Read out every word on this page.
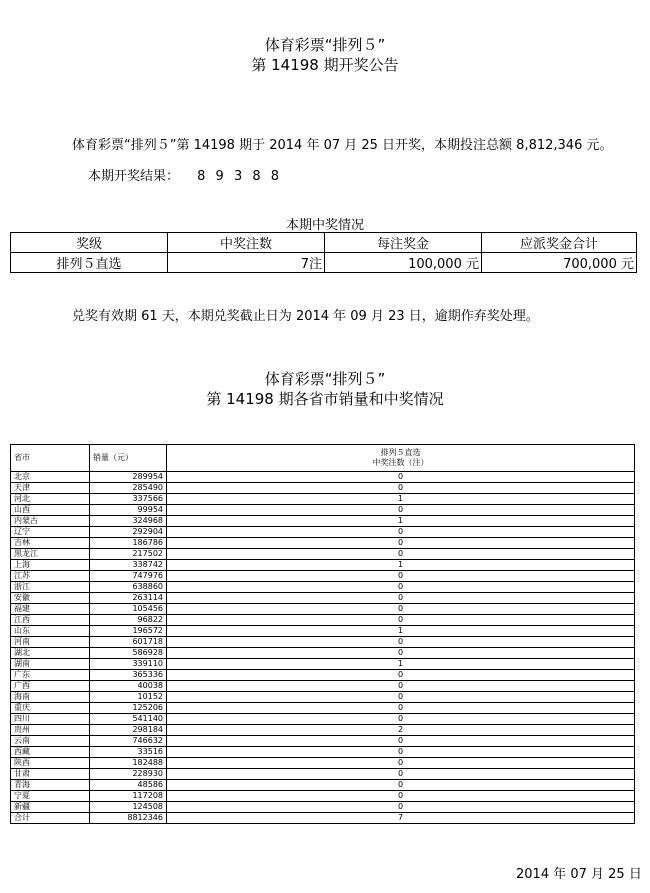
体育彩票“排列５”
第 14198 期开奖公告
体育彩票“排列５”第 14198 期于 2014 年 07 月 25 日开奖，本期投注总额 8,812,346 元。
本期开奖结果： 8 9 3 8 8
本期中奖情况
奖级	中奖注数	每注奖金	应派奖金合计
排列５直选	7注	100,000 元	700,000 元
兑奖有效期 61 天，本期兑奖截止日为 2014 年 09 月 23 日，逾期作弃奖处理。
体育彩票“排列５”
第 14198 期各省市销量和中奖情况
省市	销量（元）	排列５直选
中奖注数（注）

北京	289954	0
天津	285490	0
河北	337566	1
山西	99954	0
内蒙古	324968	1
辽宁	292904	0
吉林	186786	0
黑龙江	217502	0
上海	338742	1
江苏	747976	0
浙江	638860	0
安徽	263114	0
福建	105456	0
江西	96822	0
山东	196572	1
河南	601718	0
湖北	586928	0
湖南	339110	1
广东	365336	0
广西	40038	0
海南	10152	0
重庆	125206	0
四川	541140	0
贵州	298184	2
云南	746632	0
西藏	33516	0
陕西	182488	0
甘肃	228930	0
青海	48586	0
宁夏	117208	0
新疆	124508	0
合计	8812346	7
2014 年 07 月 25 日
